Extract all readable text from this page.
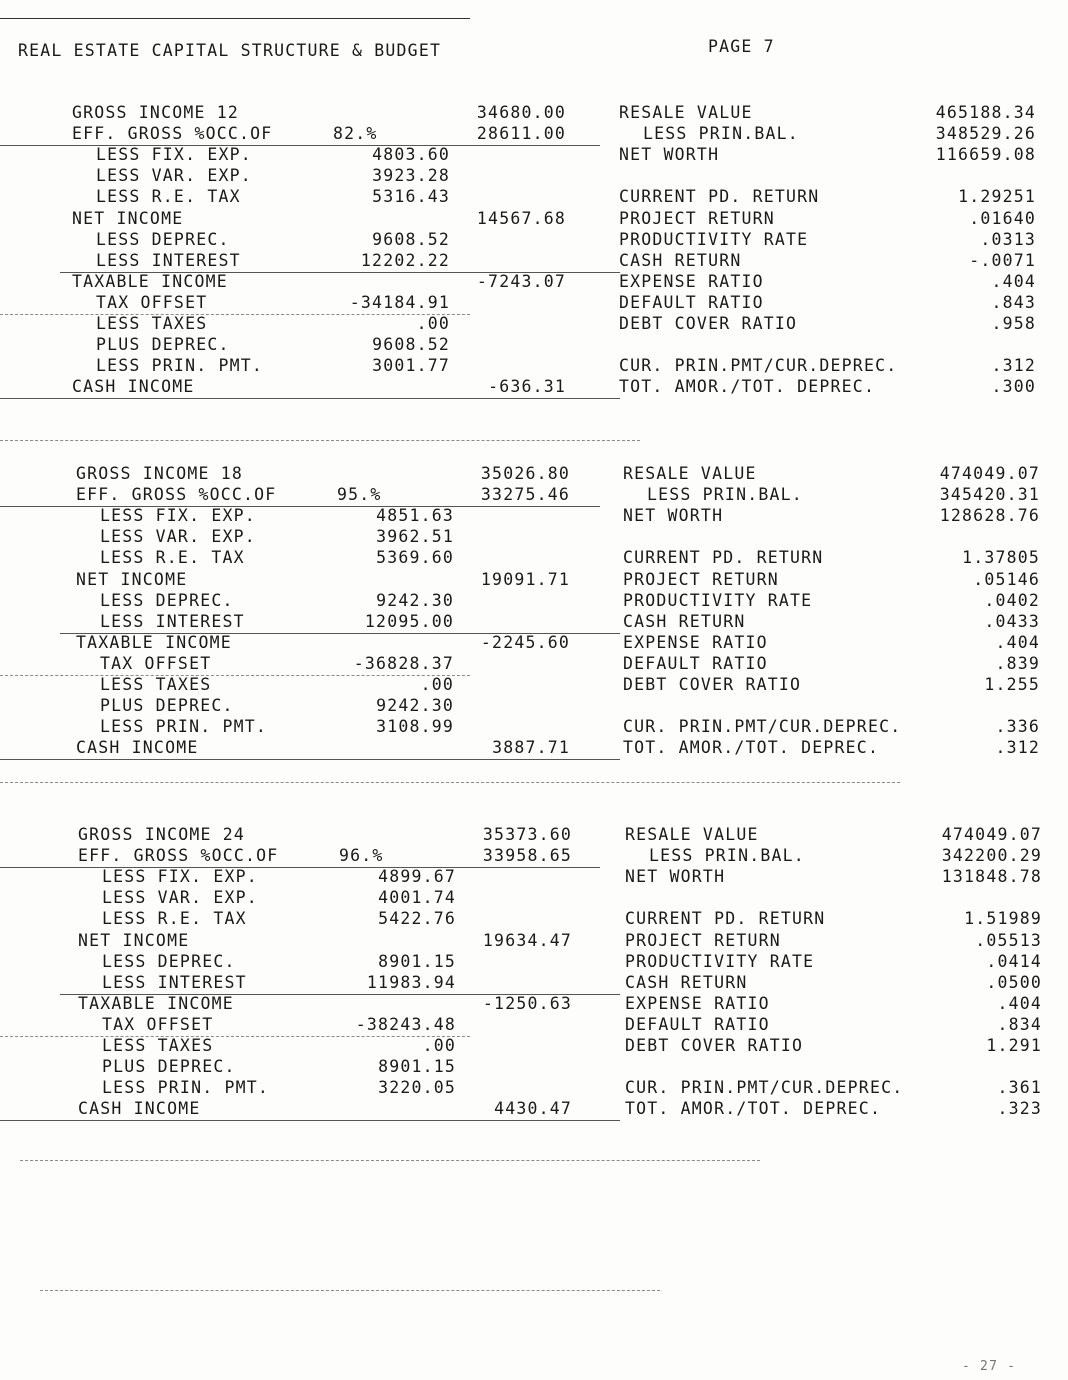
REAL ESTATE CAPITAL STRUCTURE & BUDGET	PAGE 7
GROSS INCOME 12	34680.00
EFF. GROSS %OCC.OF	82.%	28611.00
LESS FIX. EXP.	4803.60
LESS VAR. EXP.	3923.28
LESS R.E. TAX	5316.43
NET INCOME	14567.68
LESS DEPREC.	9608.52
LESS INTEREST	12202.22
TAXABLE INCOME	-7243.07
TAX OFFSET	-34184.91
LESS TAXES	.00
PLUS DEPREC.	9608.52
LESS PRIN. PMT.	3001.77
CASH INCOME	-636.31
RESALE VALUE	465188.34
LESS PRIN.BAL.	348529.26
NET WORTH	116659.08
CURRENT PD. RETURN	1.29251
PROJECT RETURN	.01640
PRODUCTIVITY RATE	.0313
CASH RETURN	-.0071
EXPENSE RATIO	.404
DEFAULT RATIO	.843
DEBT COVER RATIO	.958
CUR. PRIN.PMT/CUR.DEPREC.	.312
TOT. AMOR./TOT. DEPREC.	.300
GROSS INCOME 18	35026.80
EFF. GROSS %OCC.OF	95.%	33275.46
LESS FIX. EXP.	4851.63
LESS VAR. EXP.	3962.51
LESS R.E. TAX	5369.60
NET INCOME	19091.71
LESS DEPREC.	9242.30
LESS INTEREST	12095.00
TAXABLE INCOME	-2245.60
TAX OFFSET	-36828.37
LESS TAXES	.00
PLUS DEPREC.	9242.30
LESS PRIN. PMT.	3108.99
CASH INCOME	3887.71
RESALE VALUE	474049.07
LESS PRIN.BAL.	345420.31
NET WORTH	128628.76
CURRENT PD. RETURN	1.37805
PROJECT RETURN	.05146
PRODUCTIVITY RATE	.0402
CASH RETURN	.0433
EXPENSE RATIO	.404
DEFAULT RATIO	.839
DEBT COVER RATIO	1.255
CUR. PRIN.PMT/CUR.DEPREC.	.336
TOT. AMOR./TOT. DEPREC.	.312
GROSS INCOME 24	35373.60
EFF. GROSS %OCC.OF	96.%	33958.65
LESS FIX. EXP.	4899.67
LESS VAR. EXP.	4001.74
LESS R.E. TAX	5422.76
NET INCOME	19634.47
LESS DEPREC.	8901.15
LESS INTEREST	11983.94
TAXABLE INCOME	-1250.63
TAX OFFSET	-38243.48
LESS TAXES	.00
PLUS DEPREC.	8901.15
LESS PRIN. PMT.	3220.05
CASH INCOME	4430.47
RESALE VALUE	474049.07
LESS PRIN.BAL.	342200.29
NET WORTH	131848.78
CURRENT PD. RETURN	1.51989
PROJECT RETURN	.05513
PRODUCTIVITY RATE	.0414
CASH RETURN	.0500
EXPENSE RATIO	.404
DEFAULT RATIO	.834
DEBT COVER RATIO	1.291
CUR. PRIN.PMT/CUR.DEPREC.	.361
TOT. AMOR./TOT. DEPREC.	.323
- 27 -
